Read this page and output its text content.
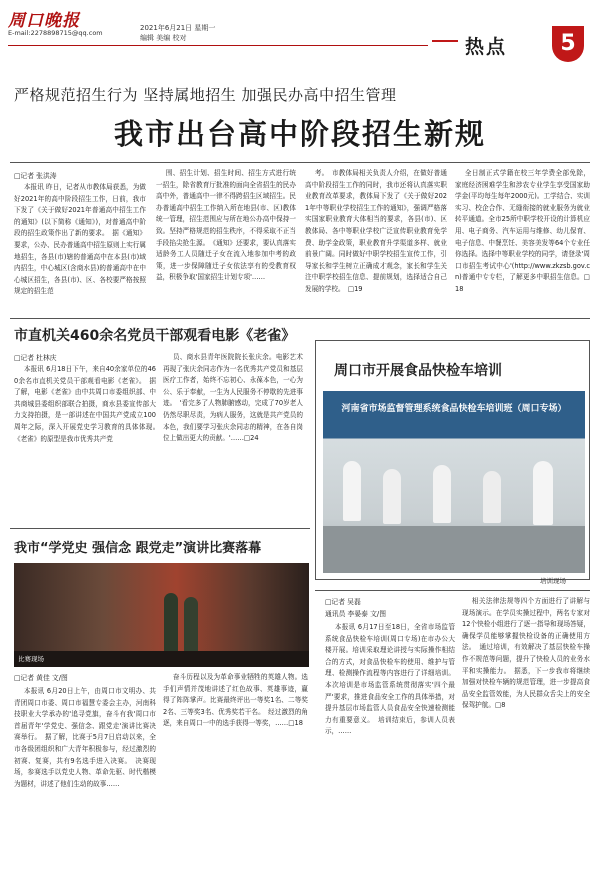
周口晚报
E-mail:2278898715@qq.com
2021年6月21日 星期一
编辑 美编 校对	热点	5
严格规范招生行为 坚持属地招生 加强民办高中招生管理
我市出台高中阶段招生新规
□记者 张洪涛

本报讯 昨日，记者从市教体局获悉，为做好2021年的高中阶段招生工作，日前，我市下发了《关于做好2021年普通高中招生工作的通知》(以下简称《通知》)，对普通高中阶段的招生政策作出了新的要求。　据《通知》要求，公办、民办普通高中招生原则上实行属地招生，各县(市)辖的普通高中在本县(市)域内招生，中心城区(含商水县)的普通高中在中心城区招生，各县(市)、区、各校要严格按照规定的招生范

围、招生计划、招生时间、招生方式进行统一招生，除省教育厅批准的面向全省招生的民办高中外，普通高中一律不得跨招生区域招生。民办普通高中招生工作纳入所在地县(市、区)教体统一管理，招生范围应与所在地公办高中保持一致。坚持严格规范的招生秩序，不得采取不正当手段掐尖抢生源。　《通知》还要求，要认真落实适龄务工人员随迁子女在流入地参加中考的政策，进一步保障随迁子女依法享有的受教育权益，积极争取'国家招生计划专项'……

考。　市教体局相关负责人介绍，在做好普通高中阶段招生工作的同时，我市还将认真落实职业教育改革要求，教体局下发了《关于做好2021年中等职业学校招生工作的通知》，强调严格落实国家职业教育大体相当的要求，各县(市)、区教体局、各中等职业学校广泛宣传职业教育免学费、助学金政策，职业教育升学渠道多样、就业前景广阔。同时做好中职学校招生宣传工作，引导家长和学生树立正确成才观念，家长和学生关注中职学校招生信息、提前规划，选择适合自己发展的学校。　□19

全日制正式学籍在校三年学费全部免除，家庭经济困难学生和涉农专业学生享受国家助学金(平均每生每年2000元)。工学结合、实训实习、校企合作、无缝衔接的就业服务为就业转平通道。全市25所中职学校开设的计算机应用、电子商务、汽车运用与维修、幼儿保育、电子信息、中餐烹饪、美容美发等64个专业任你选择。选择中等职业学校的同学，请登录'周口市招生考试中心'(http://www.zkzsb.gov.cn)普通中专专栏，了解更多中职招生信息。□18

市直机关460余名党员干部观看电影《老雀》
□记者 杜林庆

本报讯 6月18日下午，来自40余家单位的460余名市直机关党员干部观看电影《老雀》。　据了解，电影《老雀》由中共周口市委组织部、中共商城县委组织部联合拍摄，商水县委宣传部大力支持拍摄，是一部讲述在中国共产党成立100周年之际，深入开展党史学习教育的具体体现。　《老雀》的原型是我市优秀共产党

员、商水县青年医院院长张庆余。电影艺术再现了张庆余同志作为一名优秀共产党员和基层医疗工作者，始终不忘初心、永葆本色，一心为公、乐于奉献，一生为人民服务不停歇的先进事迹。　'看完多了人物肺腑感动，完成了70岁老人仍然尽职尽责，为病人服务，这就是共产党员的本色，我们要学习张庆余同志的精神，在各自岗位上做出更大的贡献。'……□24

周口市开展食品快检车培训
河南省市场监督管理系统食品快检车培训班（周口专场）
培训现场
□记者 吴磊
通讯员 李晏泰 文/图

本报讯 6月17日至18日，全省市场监管系统食品快检车培训(周口专场)在市办公大楼开展。培训采取理论讲授与实际操作相结合的方式，对食品快检车的使用、维护与管理、检测操作流程等内容进行了详细培训。本次培训是市场监管系统贯彻落实'四个最严'要求，推进食品安全工作的具体举措，对提升基层市场监管人员食品安全快速检测能力有重要意义。　培训结束后，参训人员表示，……

相关法律法规等四个方面进行了讲解与现场演示。在学员实操过程中，两名专家对12个快检小组进行了逐一指导和现场答疑，确保学员能够掌握快检设备的正确使用方法。　通过培训，有效解决了基层快检车操作不规范等问题，提升了快检人员的业务水平和实操能力。　据悉，下一步我市将继续加强对快检车辆的规范管理，进一步提高食品安全监管效能，为人民群众舌尖上的安全保驾护航。□8

我市“学党史 强信念 跟党走”演讲比赛落幕
比赛现场
□记者 黄佳 文/图

本报讯 6月20日上午，由周口市文明办、共青团周口市委、周口市福慧专委会主办，河南科技职业大学承办的'追寻党旗，奋斗有我'周口市首届青年'学党史、强信念、跟党走'演讲比赛决赛举行。　据了解，比赛于5月7日启动以来，全市各级团组织和广大青年积极参与，经过激烈的初赛、复赛，共有9名选手进入决赛。　决赛现场，参赛选手以党史人物、革命先驱、时代楷模为题材，讲述了他们生动的故事……

奋斗历程以及为革命事业牺牲的英雄人物。选手们声情并茂地讲述了红色故事、英雄事迹，赢得了阵阵掌声。比赛最终评出一等奖1名、二等奖2名、三等奖3名、优秀奖若干名。　经过激烈的角逐，来自周口一中的选手获得一等奖，……□18
